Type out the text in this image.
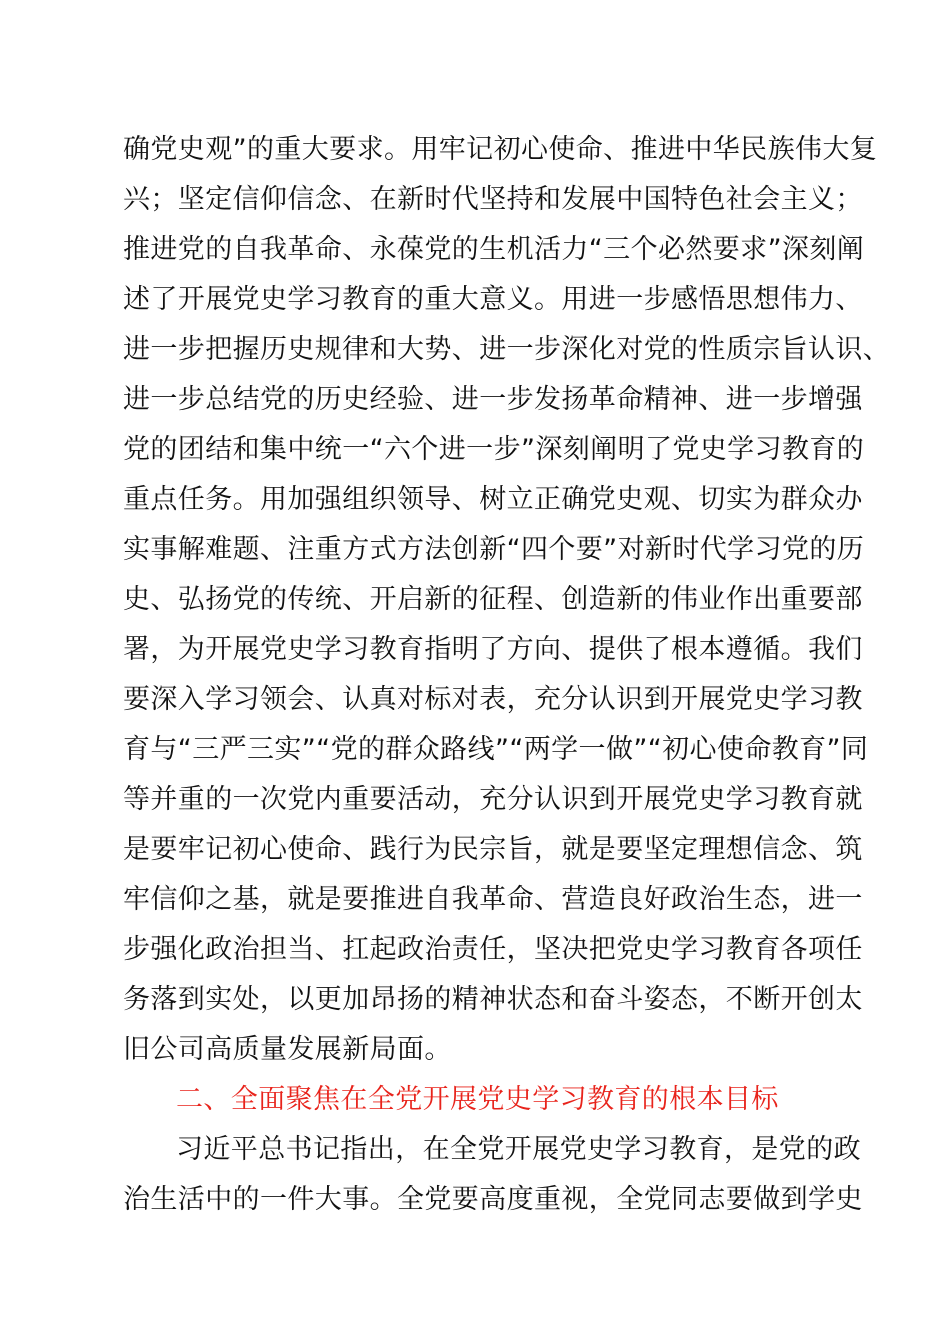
确党史观”的重大要求。用牢记初心使命、推进中华民族伟大复
兴；坚定信仰信念、在新时代坚持和发展中国特色社会主义；
推进党的自我革命、永葆党的生机活力“三个必然要求”深刻阐
述了开展党史学习教育的重大意义。用进一步感悟思想伟力、
进一步把握历史规律和大势、进一步深化对党的性质宗旨认识、
进一步总结党的历史经验、进一步发扬革命精神、进一步增强
党的团结和集中统一“六个进一步”深刻阐明了党史学习教育的
重点任务。用加强组织领导、树立正确党史观、切实为群众办
实事解难题、注重方式方法创新“四个要”对新时代学习党的历
史、弘扬党的传统、开启新的征程、创造新的伟业作出重要部
署，为开展党史学习教育指明了方向、提供了根本遵循。我们
要深入学习领会、认真对标对表，充分认识到开展党史学习教
育与“三严三实”“党的群众路线”“两学一做”“初心使命教育”同
等并重的一次党内重要活动，充分认识到开展党史学习教育就
是要牢记初心使命、践行为民宗旨，就是要坚定理想信念、筑
牢信仰之基，就是要推进自我革命、营造良好政治生态，进一
步强化政治担当、扛起政治责任，坚决把党史学习教育各项任
务落到实处，以更加昂扬的精神状态和奋斗姿态，不断开创太
旧公司高质量发展新局面。
二、全面聚焦在全党开展党史学习教育的根本目标
习近平总书记指出，在全党开展党史学习教育，是党的政
治生活中的一件大事。全党要高度重视，全党同志要做到学史
